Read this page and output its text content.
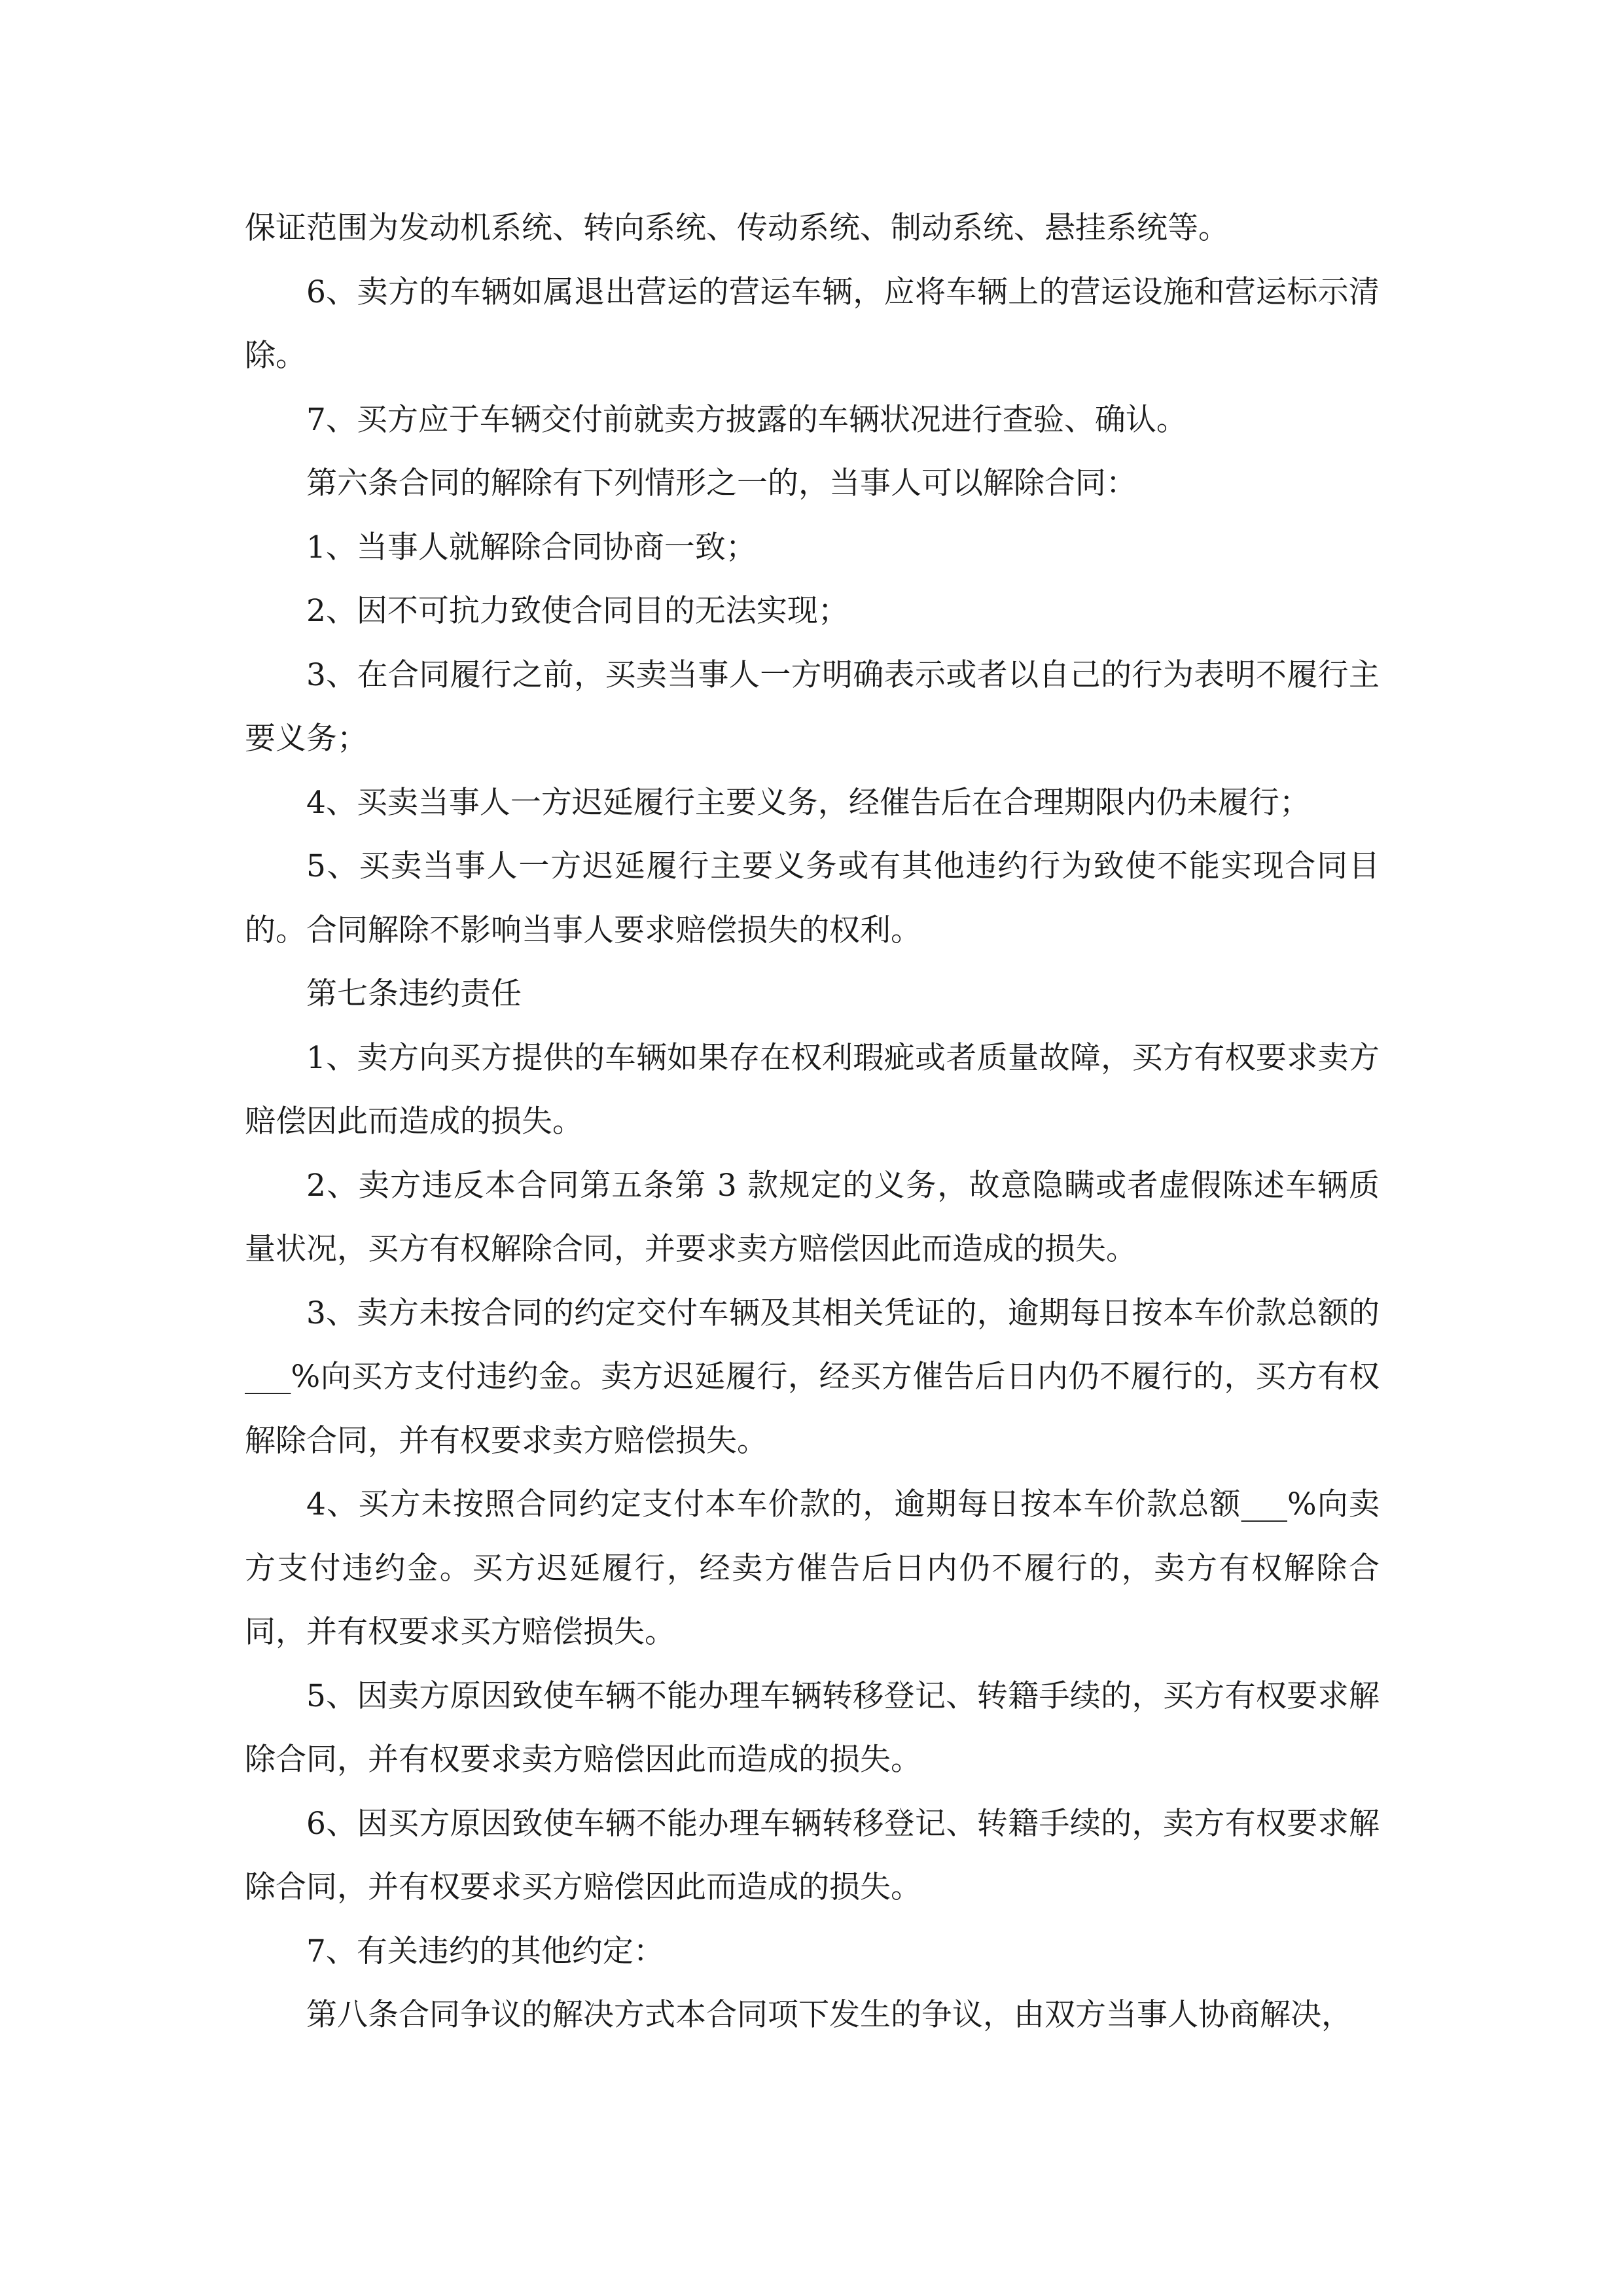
保证范围为发动机系统、转向系统、传动系统、制动系统、悬挂系统等。

6、卖方的车辆如属退出营运的营运车辆，应将车辆上的营运设施和营运标示清除。

7、买方应于车辆交付前就卖方披露的车辆状况进行查验、确认。

第六条合同的解除有下列情形之一的，当事人可以解除合同：

1、当事人就解除合同协商一致；

2、因不可抗力致使合同目的无法实现；

3、在合同履行之前，买卖当事人一方明确表示或者以自己的行为表明不履行主要义务；

4、买卖当事人一方迟延履行主要义务，经催告后在合理期限内仍未履行；

5、买卖当事人一方迟延履行主要义务或有其他违约行为致使不能实现合同目的。合同解除不影响当事人要求赔偿损失的权利。

第七条违约责任

1、卖方向买方提供的车辆如果存在权利瑕疵或者质量故障，买方有权要求卖方赔偿因此而造成的损失。

2、卖方违反本合同第五条第 3 款规定的义务，故意隐瞒或者虚假陈述车辆质量状况，买方有权解除合同，并要求卖方赔偿因此而造成的损失。

3、卖方未按合同的约定交付车辆及其相关凭证的，逾期每日按本车价款总额的___%向买方支付违约金。卖方迟延履行，经买方催告后日内仍不履行的，买方有权解除合同，并有权要求卖方赔偿损失。

4、买方未按照合同约定支付本车价款的，逾期每日按本车价款总额___%向卖方支付违约金。买方迟延履行，经卖方催告后日内仍不履行的，卖方有权解除合同，并有权要求买方赔偿损失。

5、因卖方原因致使车辆不能办理车辆转移登记、转籍手续的，买方有权要求解除合同，并有权要求卖方赔偿因此而造成的损失。

6、因买方原因致使车辆不能办理车辆转移登记、转籍手续的，卖方有权要求解除合同，并有权要求买方赔偿因此而造成的损失。

7、有关违约的其他约定：

第八条合同争议的解决方式本合同项下发生的争议，由双方当事人协商解决，
